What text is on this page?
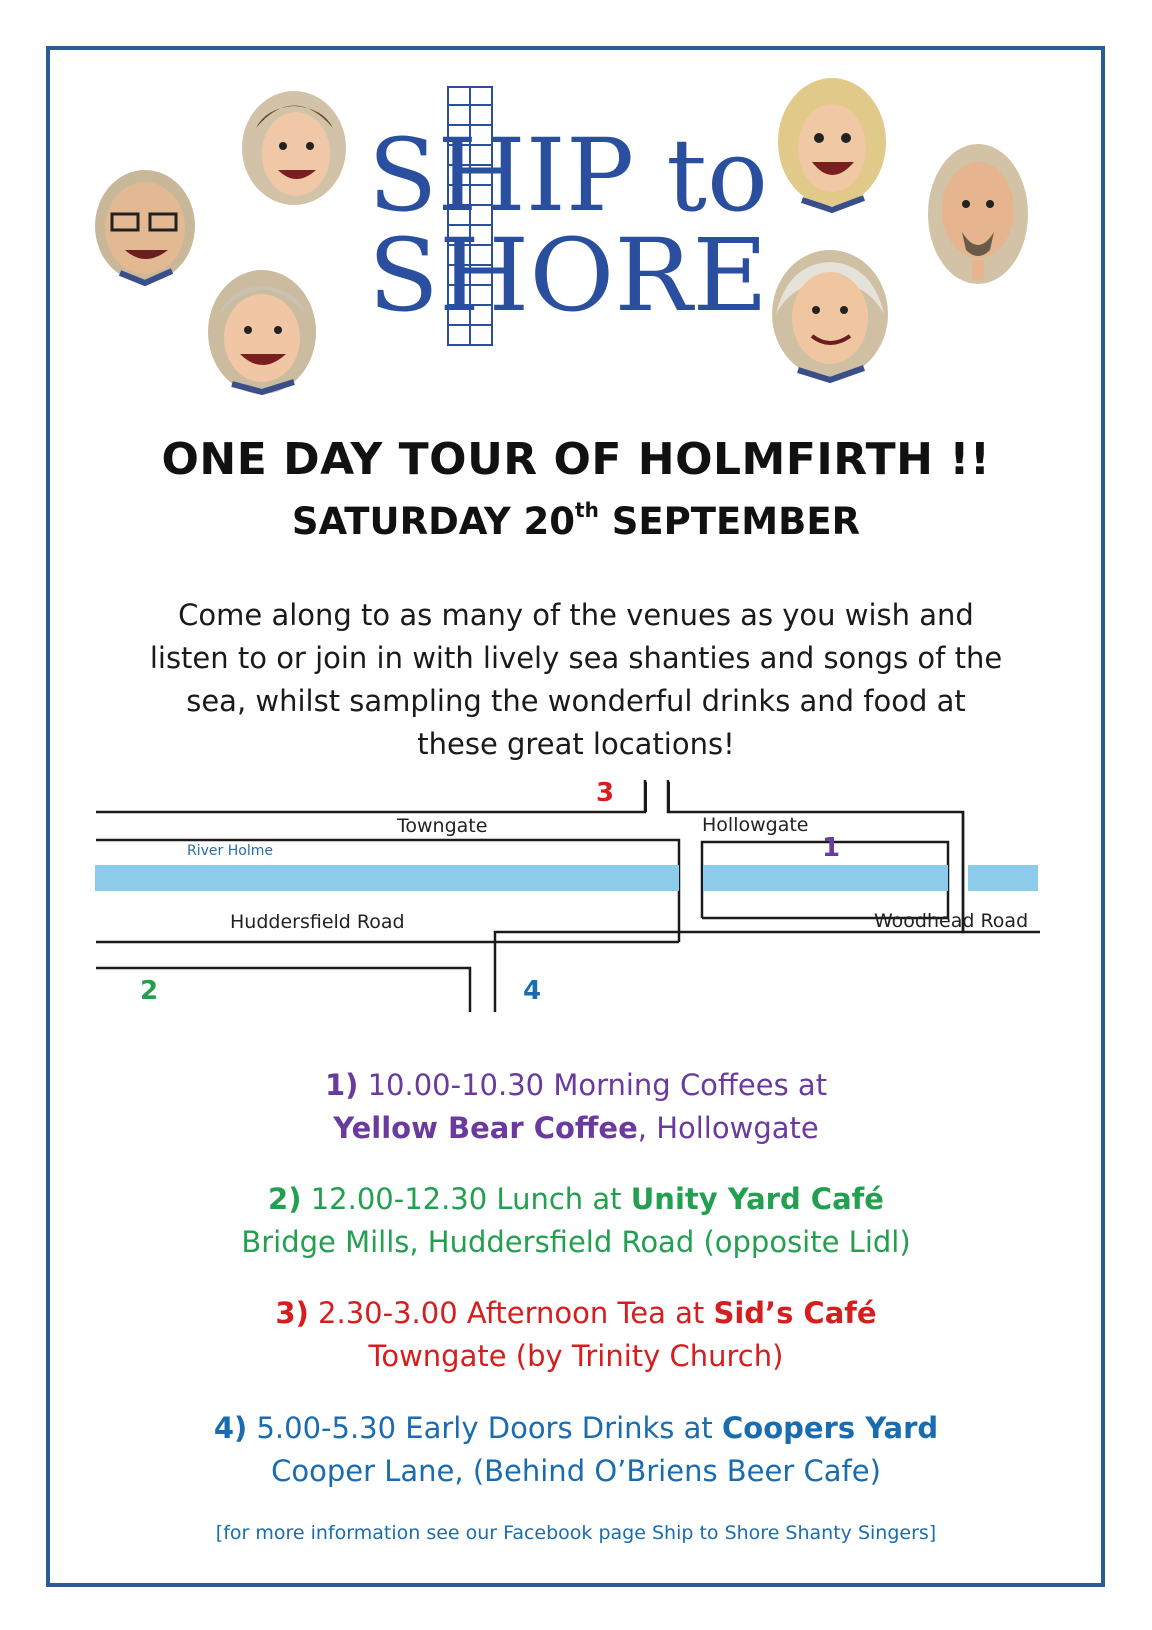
SHIP to
SHORE
ONE DAY TOUR OF HOLMFIRTH !!
SATURDAY 20th SEPTEMBER
Come along to as many of the venues as you wish and
listen to or join in with lively sea shanties and songs of the
sea, whilst sampling the wonderful drinks and food at
these great locations!
Towngate	Hollowgate
River Holme
Huddersfield Road	Woodhead Road
1
2	4
3
1) 10.00-10.30 Morning Coffees at
Yellow Bear Coffee, Hollowgate
2) 12.00-12.30 Lunch at Unity Yard Café
Bridge Mills, Huddersfield Road (opposite Lidl)
3) 2.30-3.00 Afternoon Tea at Sid’s Café
Towngate (by Trinity Church)
4) 5.00-5.30 Early Doors Drinks at Coopers Yard
Cooper Lane, (Behind O’Briens Beer Cafe)
[for more information see our Facebook page Ship to Shore Shanty Singers]
